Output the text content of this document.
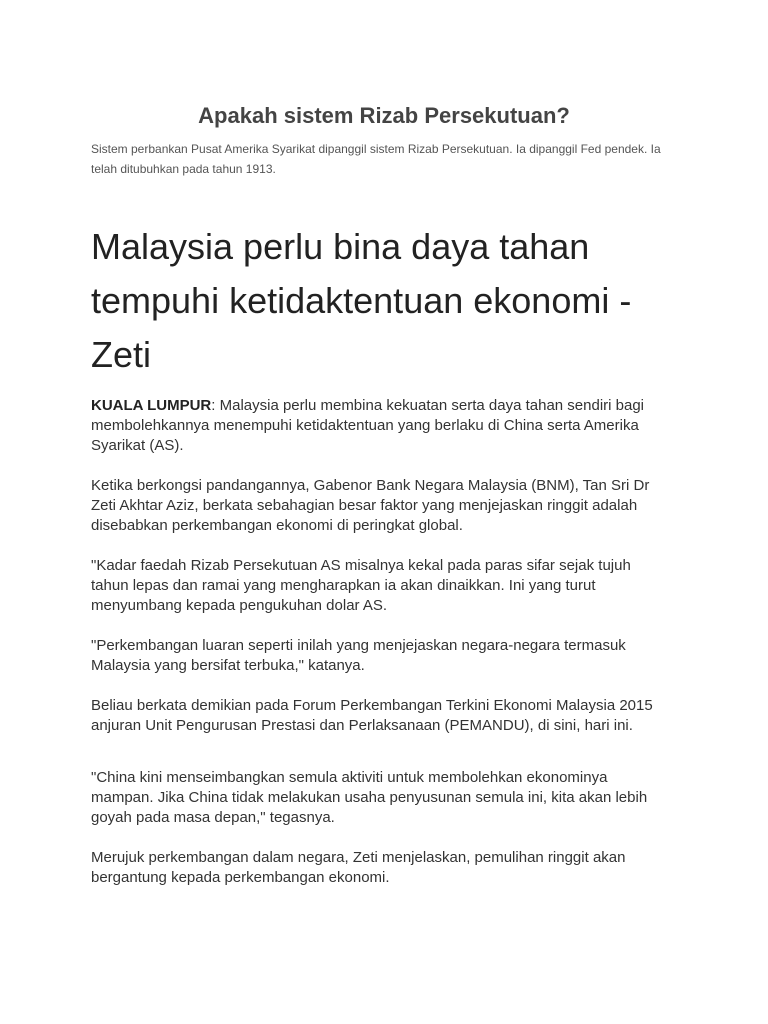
Apakah sistem Rizab Persekutuan?

Sistem perbankan Pusat Amerika Syarikat dipanggil sistem Rizab Persekutuan. Ia dipanggil Fed pendek. Ia telah ditubuhkan pada tahun 1913.

Malaysia perlu bina daya tahan tempuhi ketidaktentuan ekonomi - Zeti

KUALA LUMPUR: Malaysia perlu membina kekuatan serta daya tahan sendiri bagi membolehkannya menempuhi ketidaktentuan yang berlaku di China serta Amerika Syarikat (AS).

Ketika berkongsi pandangannya, Gabenor Bank Negara Malaysia (BNM), Tan Sri Dr Zeti Akhtar Aziz, berkata sebahagian besar faktor yang menjejaskan ringgit adalah disebabkan perkembangan ekonomi di peringkat global.

"Kadar faedah Rizab Persekutuan AS misalnya kekal pada paras sifar sejak tujuh tahun lepas dan ramai yang mengharapkan ia akan dinaikkan. Ini yang turut menyumbang kepada pengukuhan dolar AS.

"Perkembangan luaran seperti inilah yang menjejaskan negara-negara termasuk Malaysia yang bersifat terbuka," katanya.

Beliau berkata demikian pada Forum Perkembangan Terkini Ekonomi Malaysia 2015 anjuran Unit Pengurusan Prestasi dan Perlaksanaan (PEMANDU), di sini, hari ini.

"China kini menseimbangkan semula aktiviti untuk membolehkan ekonominya mampan. Jika China tidak melakukan usaha penyusunan semula ini, kita akan lebih goyah pada masa depan," tegasnya.

Merujuk perkembangan dalam negara, Zeti menjelaskan, pemulihan ringgit akan bergantung kepada perkembangan ekonomi.
